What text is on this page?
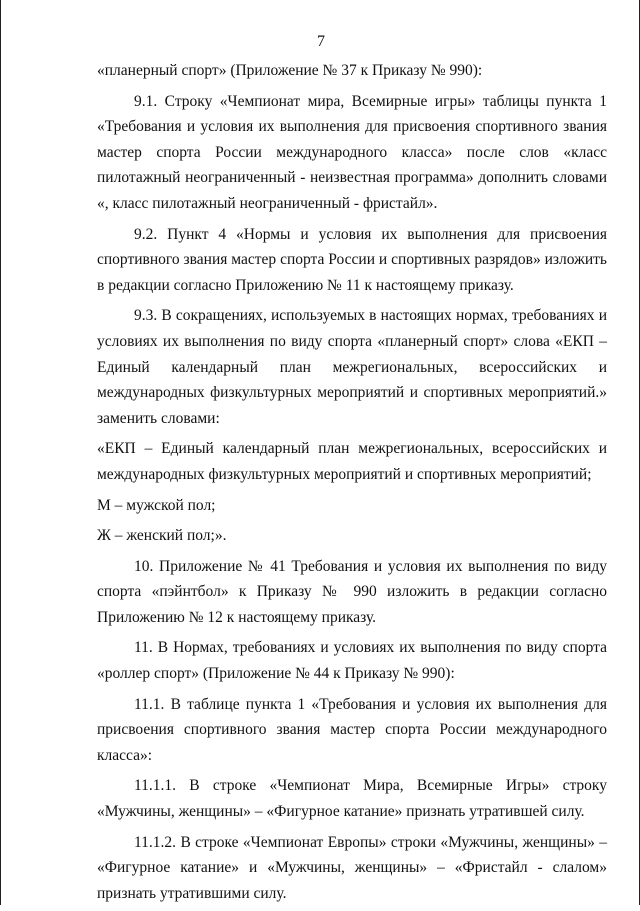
7

«планерный спорт» (Приложение № 37 к Приказу № 990):

9.1. Строку «Чемпионат мира, Всемирные игры» таблицы пункта 1 «Требования и условия их выполнения для присвоения спортивного звания мастер спорта России международного класса» после слов «класс пилотажный неограниченный - неизвестная программа» дополнить словами «, класс пилотажный неограниченный - фристайл».

9.2. Пункт 4 «Нормы и условия их выполнения для присвоения спортивного звания мастер спорта России и спортивных разрядов» изложить в редакции согласно Приложению № 11 к настоящему приказу.

9.3. В сокращениях, используемых в настоящих нормах, требованиях и условиях их выполнения по виду спорта «планерный спорт» слова «ЕКП – Единый календарный план межрегиональных, всероссийских и международных физкультурных мероприятий и спортивных мероприятий.» заменить словами:

«ЕКП – Единый календарный план межрегиональных, всероссийских и международных физкультурных мероприятий и спортивных мероприятий;

М – мужской пол;

Ж – женский пол;».

10. Приложение № 41 Требования и условия их выполнения по виду спорта «пэйнтбол» к Приказу № 990 изложить в редакции согласно Приложению № 12 к настоящему приказу.

11. В Нормах, требованиях и условиях их выполнения по виду спорта «роллер спорт» (Приложение № 44 к Приказу № 990):

11.1. В таблице пункта 1 «Требования и условия их выполнения для присвоения спортивного звания мастер спорта России международного класса»:

11.1.1. В строке «Чемпионат Мира, Всемирные Игры» строку «Мужчины, женщины» – «Фигурное катание» признать утратившей силу.

11.1.2. В строке «Чемпионат Европы» строки «Мужчины, женщины» – «Фигурное катание» и «Мужчины, женщины» – «Фристайл - слалом» признать утратившими силу.
